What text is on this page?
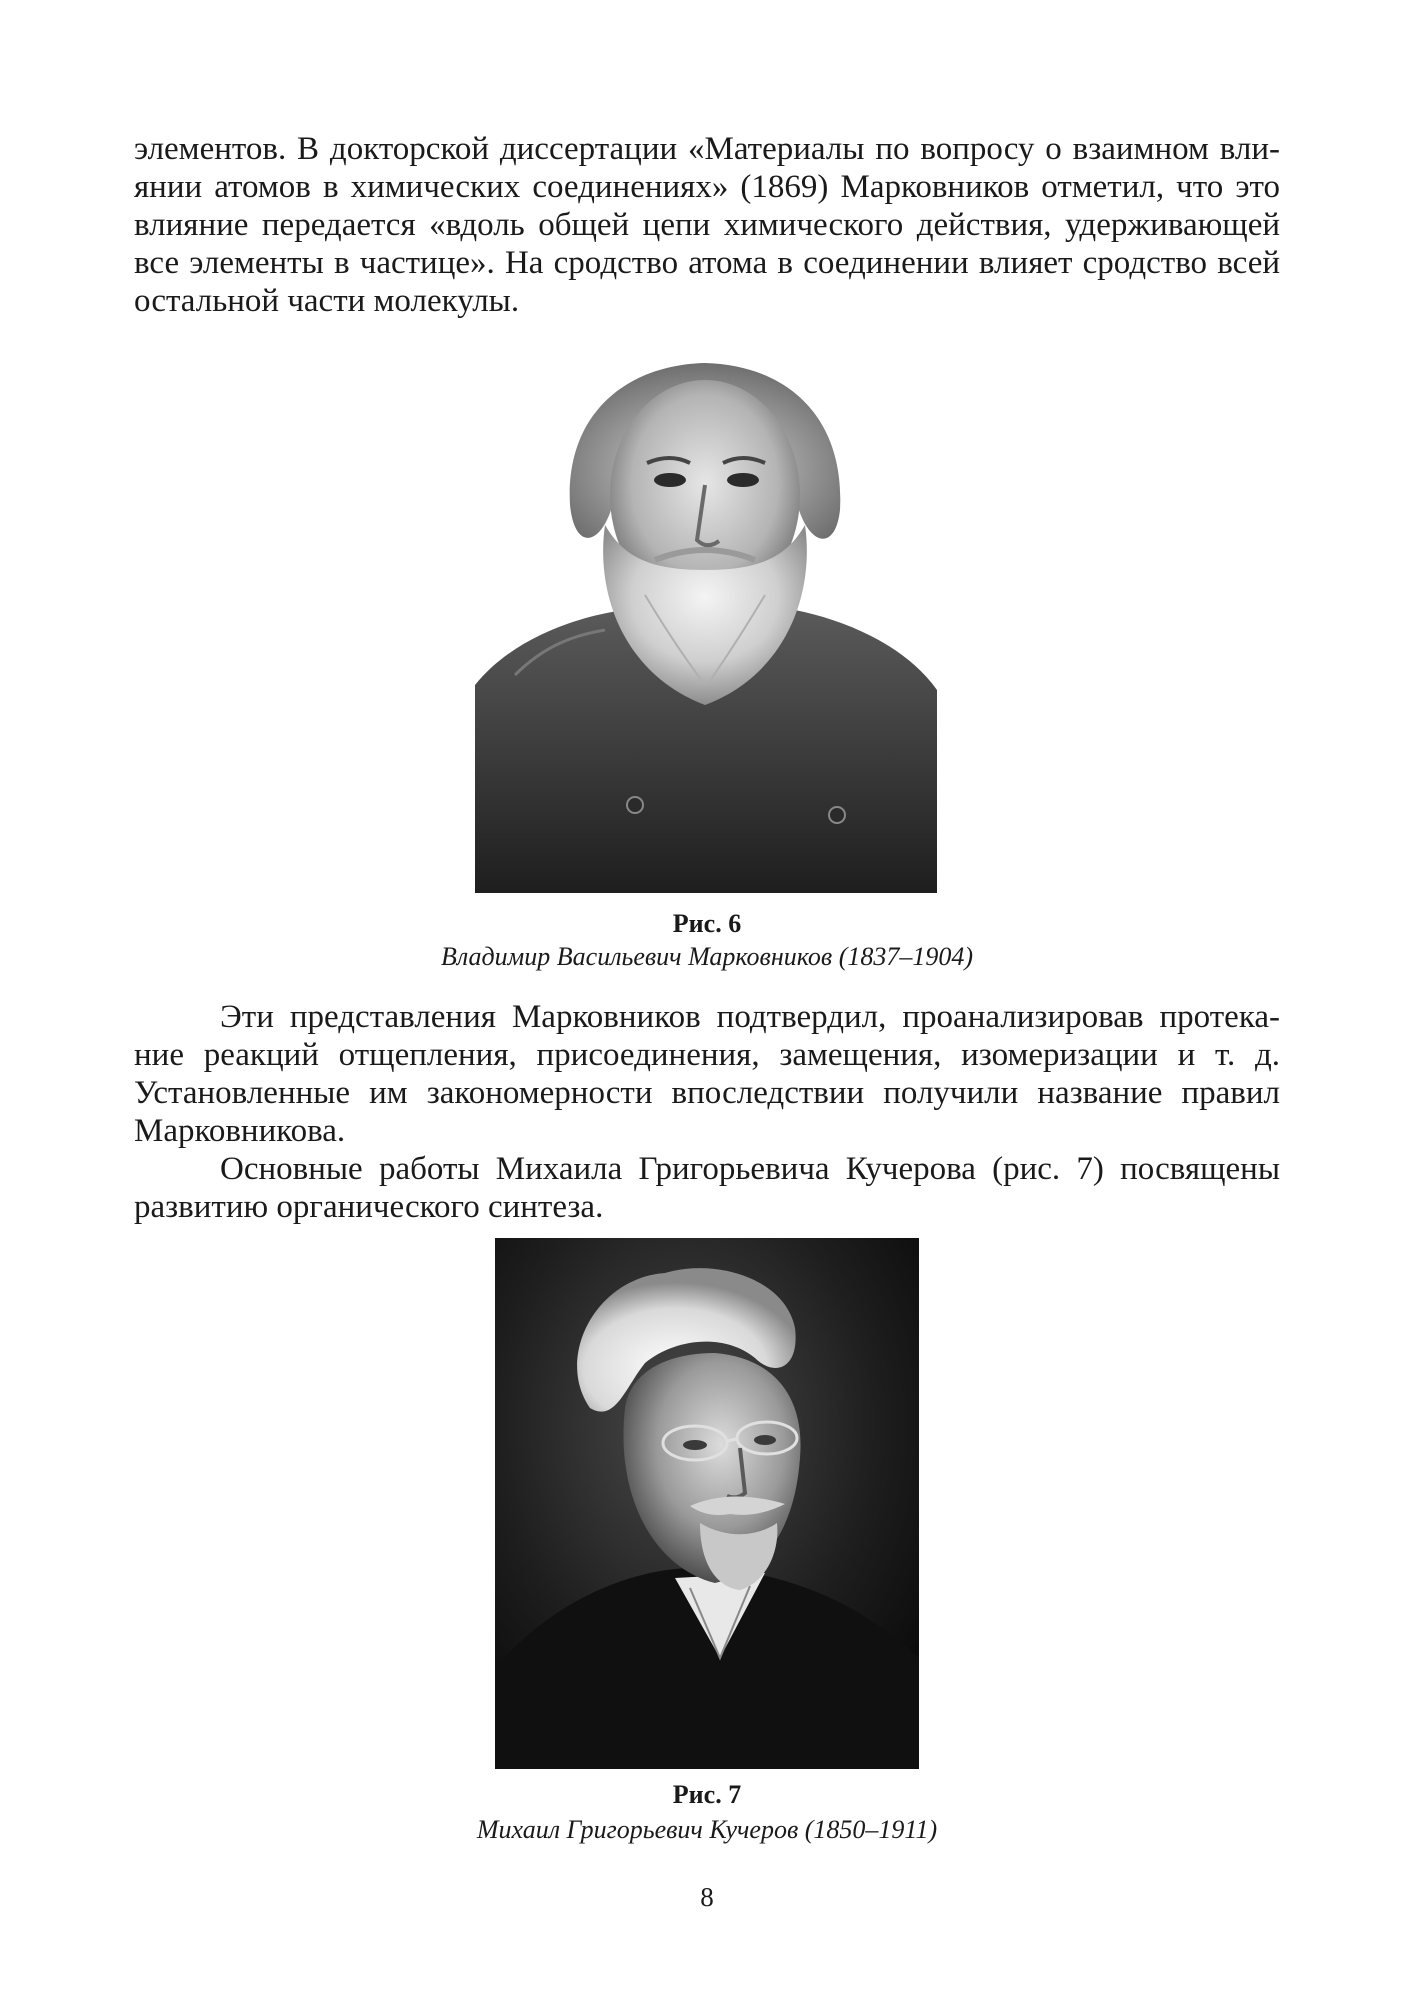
элементов. В докторской диссертации «Материалы по вопросу о взаимном вли-
янии атомов в химических соединениях» (1869) Марковников отметил, что это
влияние передается «вдоль общей цепи химического действия, удерживающей
все элементы в частице». На сродство атома в соединении влияет сродство всей
остальной части молекулы.

Рис. 6
Владимир Васильевич Марковников (1837–1904)

Эти представления Марковников подтвердил, проанализировав протека-
ние реакций отщепления, присоединения, замещения, изомеризации и т. д.
Установленные им закономерности впоследствии получили название правил
Марковникова.

Основные работы Михаила Григорьевича Кучерова (рис. 7) посвящены
развитию органического синтеза.

Рис. 7
Михаил Григорьевич Кучеров (1850–1911)
8
